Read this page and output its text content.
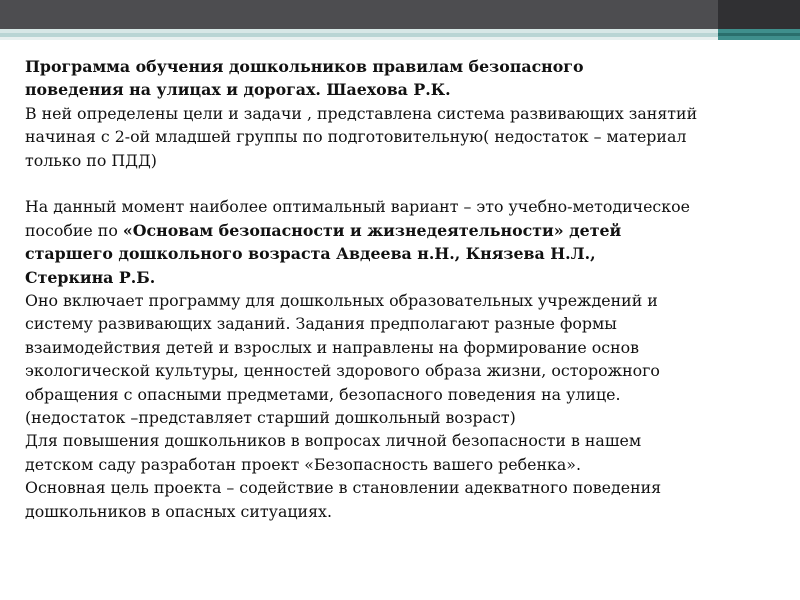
Программа обучения дошкольников правилам безопасного
поведения на улицах и дорогах. Шаехова Р.К.
В ней определены цели и задачи , представлена система развивающих занятий
начиная с 2-ой младшей группы по подготовительную( недостаток – материал
только по ПДД)
На данный момент наиболее оптимальный вариант – это учебно-методическое
пособие по «Основам безопасности и жизнедеятельности» детей
старшего дошкольного возраста Авдеева н.Н., Князева Н.Л.,
Стеркина Р.Б.
Оно включает программу для дошкольных образовательных учреждений и
систему развивающих заданий. Задания предполагают разные формы
взаимодействия детей и взрослых и направлены на формирование основ
экологической культуры, ценностей здорового образа жизни, осторожного
обращения с опасными предметами, безопасного поведения на улице.
(недостаток –представляет старший дошкольный возраст)
Для повышения дошкольников в вопросах личной безопасности в нашем
детском саду разработан проект «Безопасность вашего ребенка».
Основная цель проекта – содействие в становлении адекватного поведения
дошкольников в опасных ситуациях.
